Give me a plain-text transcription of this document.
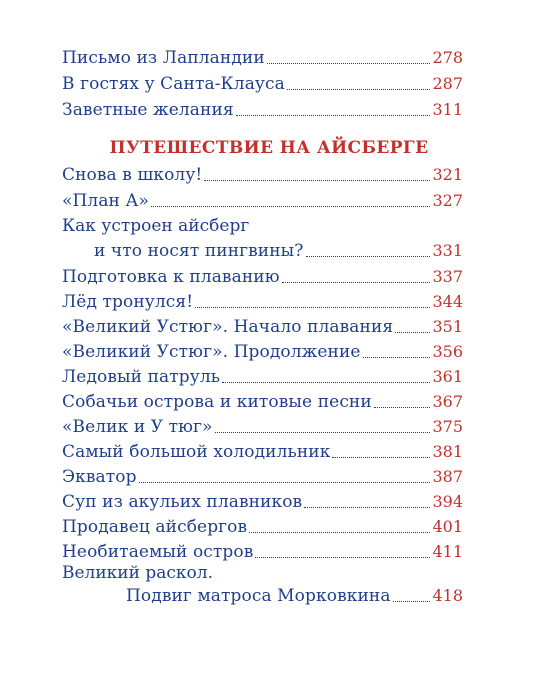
Письмо из Лапландии	278
В гостях у Санта-Клауса	287
Заветные желания	311
ПУТЕШЕСТВИЕ НА АЙСБЕРГЕ
Снова в школу!	321
«План А»	327
Как устроен айсберг
и что носят пингвины?	331
Подготовка к плаванию	337
Лёд тронулся!	344
«Великий Устюг». Начало плавания 351
«Великий Устюг». Продолжение	356
Ледовый патруль	361
Собачьи острова и китовые песни	367
«Велик и У тюг»	375
Самый большой холодильник	381
Экватор	387
Суп из акульих плавников	394
Продавец айсбергов	401
Необитаемый остров	411
Великий раскол.
Подвиг матроса Морковкина	418
